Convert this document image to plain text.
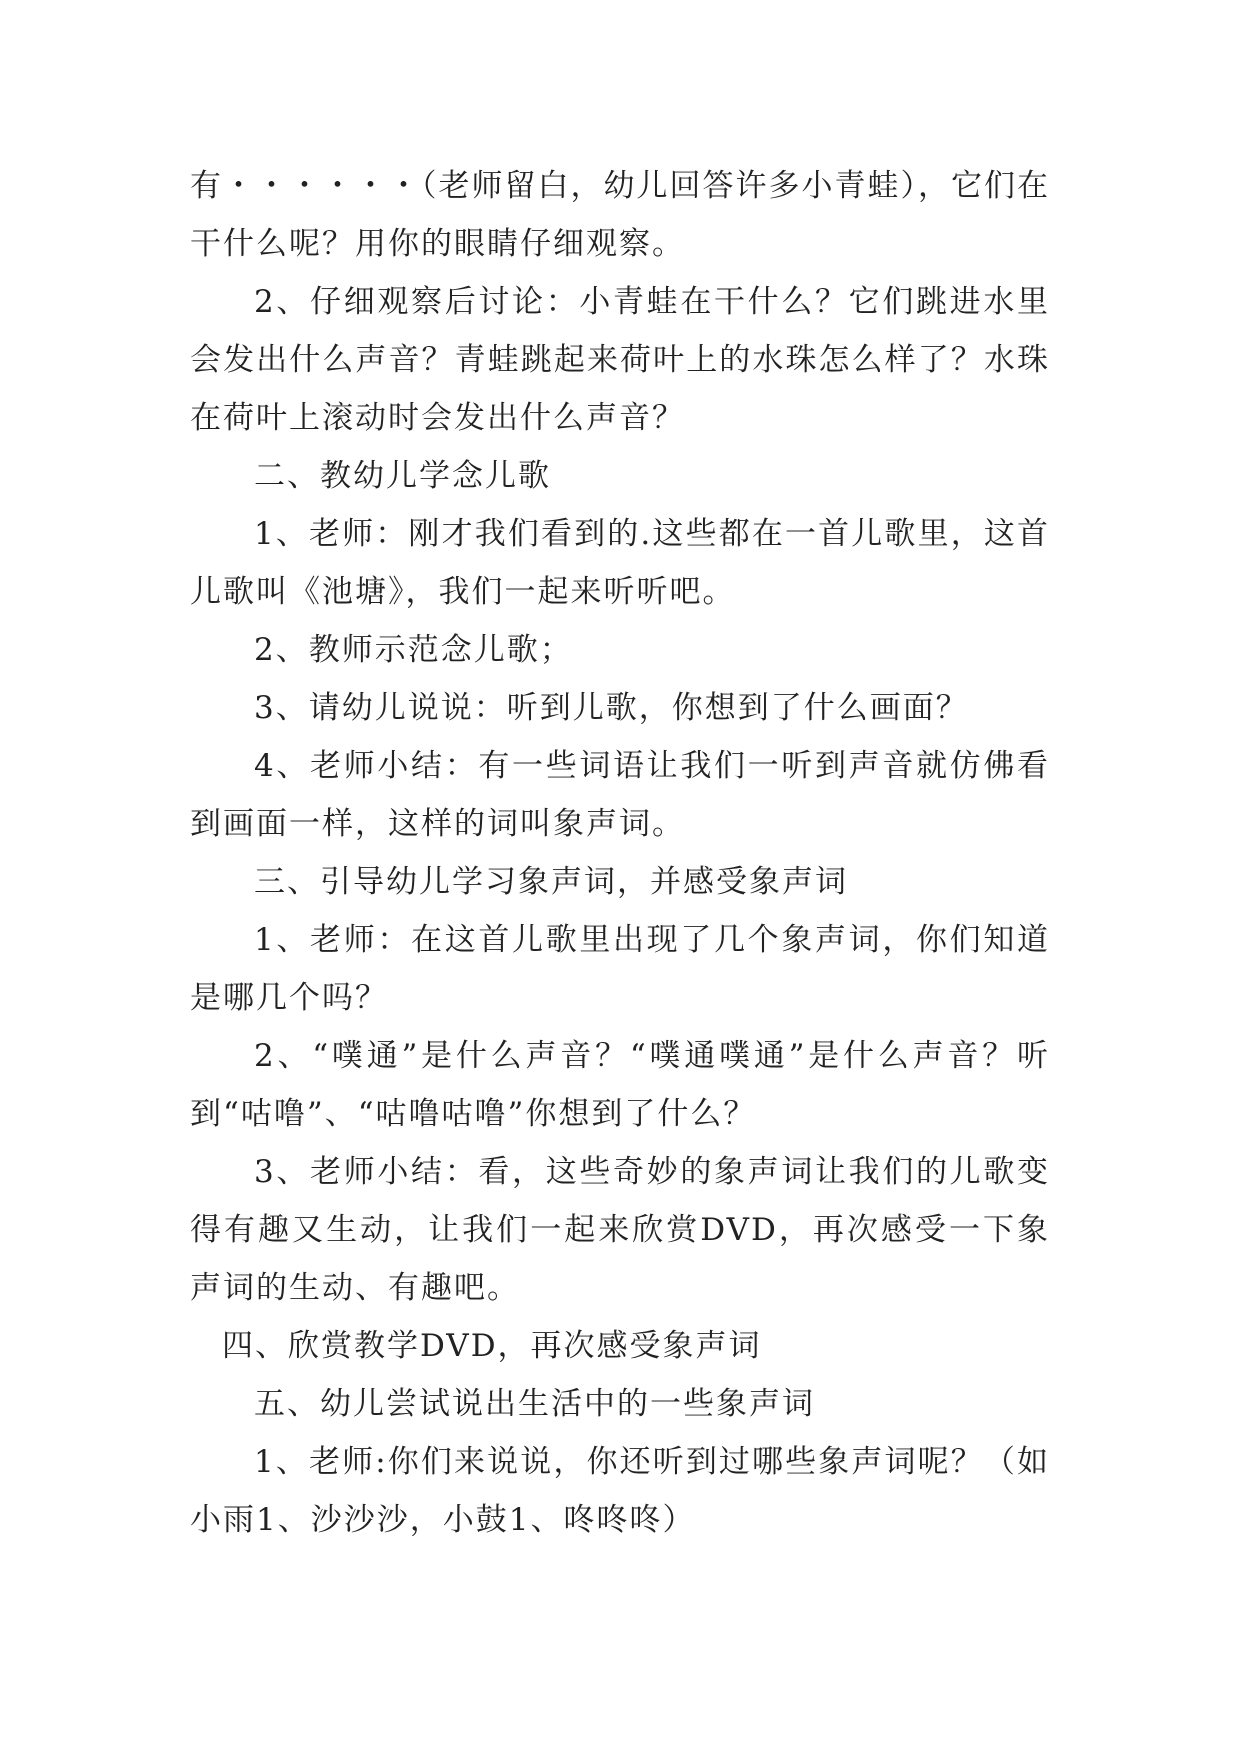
有・・・・・・（老师留白，幼儿回答许多小青蛙），它们在干什么呢？用你的眼睛仔细观察。

2、仔细观察后讨论：小青蛙在干什么？它们跳进水里会发出什么声音？青蛙跳起来荷叶上的水珠怎么样了？水珠在荷叶上滚动时会发出什么声音？

二、教幼儿学念儿歌

1、老师：刚才我们看到的.这些都在一首儿歌里，这首儿歌叫《池塘》，我们一起来听听吧。

2、教师示范念儿歌；

3、请幼儿说说：听到儿歌，你想到了什么画面？

4、老师小结：有一些词语让我们一听到声音就仿佛看到画面一样，这样的词叫象声词。

三、引导幼儿学习象声词，并感受象声词

1、老师：在这首儿歌里出现了几个象声词，你们知道是哪几个吗？

2、“噗通”是什么声音？“噗通噗通”是什么声音？听到“咕噜”、“咕噜咕噜”你想到了什么？

3、老师小结：看，这些奇妙的象声词让我们的儿歌变得有趣又生动，让我们一起来欣赏DVD，再次感受一下象声词的生动、有趣吧。

四、欣赏教学DVD，再次感受象声词

五、幼儿尝试说出生活中的一些象声词

1、老师:你们来说说，你还听到过哪些象声词呢？（如小雨1、沙沙沙，小鼓1、咚咚咚）
